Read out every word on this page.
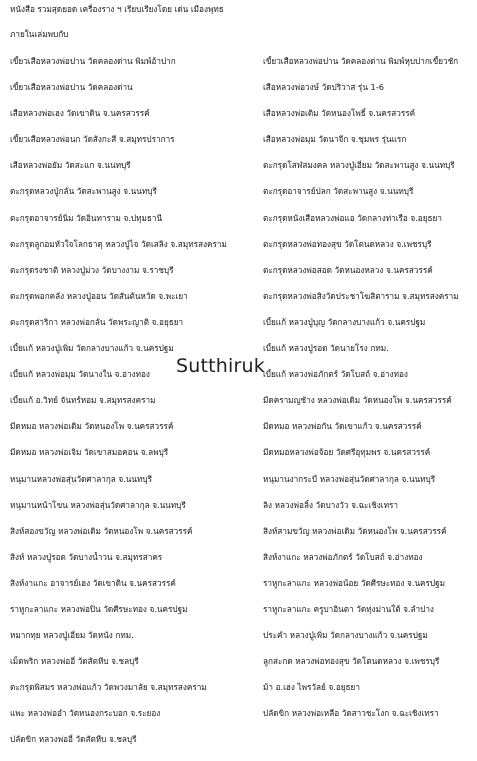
หนังสือ รวมสุดยอด เครื่องราง ฯ เรียบเรียงโดย เด่น เมืองพุทธ
ภายในเล่มพบกับ
เขี้ยวเสือหลวงพ่อปาน วัดคลองด่าน พิมพ์อ้าปาก
เขี้ยวเสือหลวงพ่อปาน วัดคลองด่าน
เสือหลวงพ่อเฮง วัดเขาดิน จ.นครสวรรค์
เขี้ยวเสือหลวงพ่อนก วัดสังกะสี จ.สมุทรปราการ
เสือหลวงพ่อยัม วัดสะแก จ.นนทบุรี
ตะกรุดหลวงปู่กลั่น วัดสะพานสูง จ.นนทบุรี
ตะกรุดอาจารย์นิ่ม วัดอินทาราม จ.ปทุมธานี
ตะกรุดลูกอมหัวใจโลกธาตุ หลวงปู่ไจ วัดเสลิง จ.สมุทรสงคราม
ตะกรุดรงชาติ หลวงปู่ม่วง วัดบางงาม จ.ราชบุรี
ตะกรุดพอกคลัง หลวงปู่ออน วัดสันต้นหวัด จ.พะเยา
ตะกรุดสาริกา หลวงพ่อกลั่น วัดพระญาติ จ.อยุธยา
เบี้ยแก้ หลวงปู่เพิ่ม วัดกลางบางแก้ว จ.นครปฐม
เบี้ยแก้ หลวงพ่อมุม วัดนางใน จ.อ่างทอง
เบี้ยแก้ อ.วิทย์ จันทร์หอม จ.สมุทรสงคราม
มีดหมอ หลวงพ่อเดิม วัดหนองโพ จ.นครสวรรค์
มีดหมอ หลวงพ่อเจิม วัดเขาสมอคอน จ.ลพบุรี
หนุมานหลวงพ่อสุ่นวัดศาลากุล จ.นนทบุรี
หนุมานหน้าโขน หลวงพ่อสุ่นวัดศาลากุล จ.นนทบุรี
สิงห์สองขวัญ หลวงพ่อเดิม วัดหนองโพ จ.นครสวรรค์
สิงห์ หลวงปู่รอด วัดบางน้ำวน จ.สมุทรสาคร
สิงห์งาแกะ อาจารย์เฮง วัดเขาดิน จ.นครสวรรค์
ราหูกะลาแกะ หลวงพ่อปิ่น วัดศีรษะทอง จ.นครปฐม
หมากทุย หลวงปู่เอี่ยม วัดหนัง กทม.
เม็ดพริก หลวงพ่ออี๋ วัดสัตหีบ จ.ชลบุรี
ตะกรุดพิสมร หลวงพ่อแก้ว วัดพวงมาลัย จ.สมุทรสงคราม
แพะ หลวงพ่ออำ วัดหนองกระบอก จ.ระยอง
ปลัดขิก หลวงพ่ออี๋ วัดสัตหีบ จ.ชลบุรี
เขี้ยวเสือหลวงพ่อปาน วัดคลองด่าน พิมพ์หุบปากเขี้ยวชัก
เสือหลวงพ่อวงษ์ วัดปริวาส รุ่น 1-6
เสือหลวงพ่อเดิม วัดหนองโพธิ์ จ.นครสวรรค์
เสือหลวงพ่อมุม วัดนาจีก จ.ชุมพร รุ่นแรก
ตะกรุดโสฬสมงคล หลวงปู่เอี่ยม วัดสะพานสูง จ.นนทบุรี
ตะกรุดอาจารย์ปลก วัดสะพานสูง จ.นนทบุรี
ตะกรุดหนังเสือหลวงพ่อแอ วัดกลางท่าเรือ จ.อยุธยา
ตะกรุดหลวงพ่อทองสุข วัดโตนดหลวง จ.เพชรบุรี
ตะกรุดหลวงพ่อสอด วัดหนองหลวง จ.นครสวรรค์
ตะกรุดหลวงพ่อสิงวัดประชาโฆสิตาราม จ.สมุทรสงคราม
เบี้ยแก้ หลวงปู่บุญ วัดกลางบางแก้ว จ.นครปฐม
เบี้ยแก้ หลวงปู่รอด วัดนายโรง กทม.
เบี้ยแก้ หลวงพ่อภักตร์ วัดโบสถ์ จ.อ่างทอง
มีดครามญชัาง หลวงพ่อเดิม วัดหนองโพ จ.นครสวรรค์
มีดหมอ หลวงพ่อกัน วัดเขาแก้ว จ.นครสวรรค์
มีดหมอหลวงพ่อจ้อย วัดศรีอุทุมพร จ.นครสวรรค์
หนุมานงากระบี่ หลวงพ่อสุ่นวัดศาลากุล จ.นนทบุรี
ลิง หลวงพ่อลิ้ง วัดบางวัว จ.ฉะเชิงเทรา
สิงห์สามขวัญ หลวงพ่อเดิม วัดหนองโพ จ.นครสวรรค์
สิงห์งาแกะ หลวงพ่อภักตร์ วัดโบสถ์ จ.อ่างทอง
ราหูกะลาแกะ หลวงพ่อน้อย วัดศีรษะทอง จ.นครปฐม
ราหูกะลาแกะ ครูบาอินตา วัดทุ่งม่านใต้ จ.ลำปาง
ประคำ หลวงปู่เพิ่ม วัดกลางบางแก้ว จ.นครปฐม
ลูกสะกด หลวงพ่อทองสุข วัดโตนดหลวง จ.เพชรบุรี
ม้า อ.เฮง ไพรวัลย์ จ.อยุธยา
ปลัดขิก หลวงพ่อเหลือ วัดสาวชะโงก จ.ฉะเชิงเทรา
Sutthiruk
